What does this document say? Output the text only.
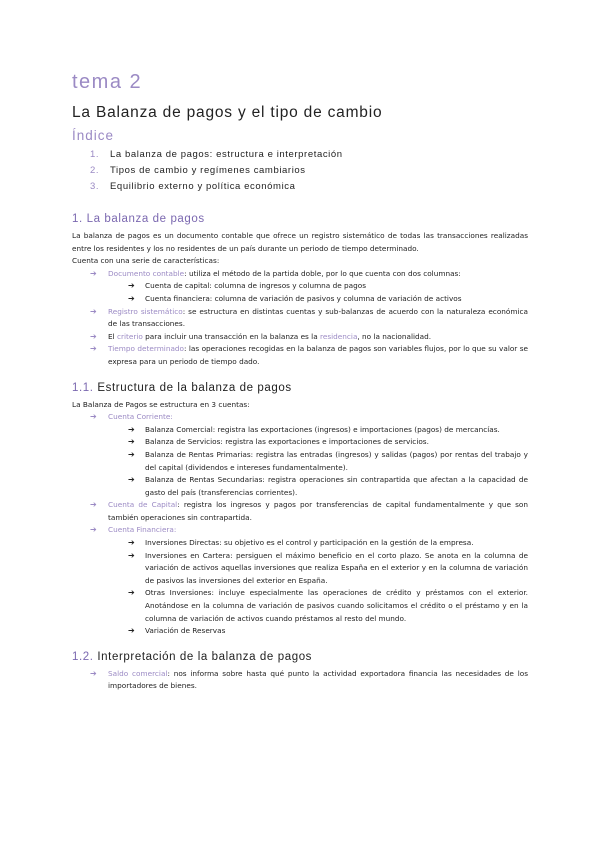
tema 2
La Balanza de pagos y el tipo de cambio
Índice
1. La balanza de pagos: estructura e interpretación
2. Tipos de cambio y regímenes cambiarios
3. Equilibrio externo y política económica
1. La balanza de pagos

La balanza de pagos es un documento contable que ofrece un registro sistemático de todas las transacciones realizadas entre los residentes y los no residentes de un país durante un periodo de tiempo determinado.

Cuenta con una serie de características:

➔ Documento contable: utiliza el método de la partida doble, por lo que cuenta con dos columnas:
➔ Cuenta de capital: columna de ingresos y columna de pagos
➔ Cuenta financiera: columna de variación de pasivos y columna de variación de activos
➔ Registro sistemático: se estructura en distintas cuentas y sub-balanzas de acuerdo con la naturaleza económica de las transacciones.
➔ El criterio para incluir una transacción en la balanza es la residencia, no la nacionalidad.
➔ Tiempo determinado: las operaciones recogidas en la balanza de pagos son variables flujos, por lo que su valor se expresa para un periodo de tiempo dado.
1.1. Estructura de la balanza de pagos

La Balanza de Pagos se estructura en 3 cuentas:

➔ Cuenta Corriente:
➔ Balanza Comercial: registra las exportaciones (ingresos) e importaciones (pagos) de mercancías.
➔ Balanza de Servicios: registra las exportaciones e importaciones de servicios.
➔ Balanza de Rentas Primarias: registra las entradas (ingresos) y salidas (pagos) por rentas del trabajo y del capital (dividendos e intereses fundamentalmente).
➔ Balanza de Rentas Secundarias: registra operaciones sin contrapartida que afectan a la capacidad de gasto del país (transferencias corrientes).
➔ Cuenta de Capital: registra los ingresos y pagos por transferencias de capital fundamentalmente y que son también operaciones sin contrapartida.
➔ Cuenta Financiera:
➔ Inversiones Directas: su objetivo es el control y participación en la gestión de la empresa.
➔ Inversiones en Cartera: persiguen el máximo beneficio en el corto plazo. Se anota en la columna de variación de activos aquellas inversiones que realiza España en el exterior y en la columna de variación de pasivos las inversiones del exterior en España.
➔ Otras Inversiones: incluye especialmente las operaciones de crédito y préstamos con el exterior. Anotándose en la columna de variación de pasivos cuando solicitamos el crédito o el préstamo y en la columna de variación de activos cuando préstamos al resto del mundo.
➔ Variación de Reservas
1.2. Interpretación de la balanza de pagos
➔ Saldo comercial: nos informa sobre hasta qué punto la actividad exportadora financia las necesidades de los importadores de bienes.
